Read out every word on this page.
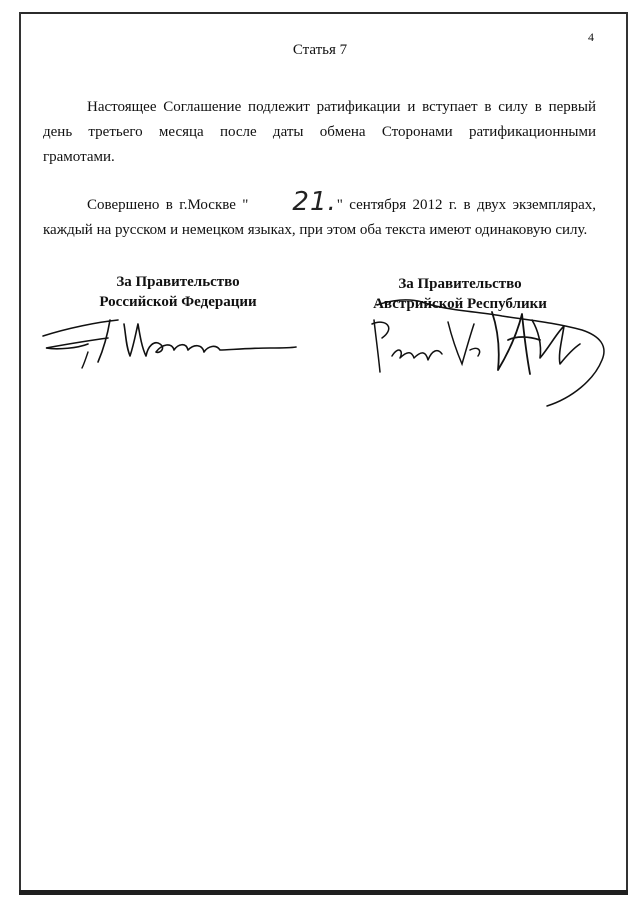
4
Статья 7

Настоящее Соглашение подлежит ратификации и вступает в силу в первый день третьего месяца после даты обмена Сторонами ратификационными грамотами.

Совершено в г.Москве " 21." сентября 2012 г. в двух экземплярах, каждый на русском и немецком языках, при этом оба текста имеют одинаковую силу.

За Правительство
Российской Федерации
За Правительство
Австрийской Республики
